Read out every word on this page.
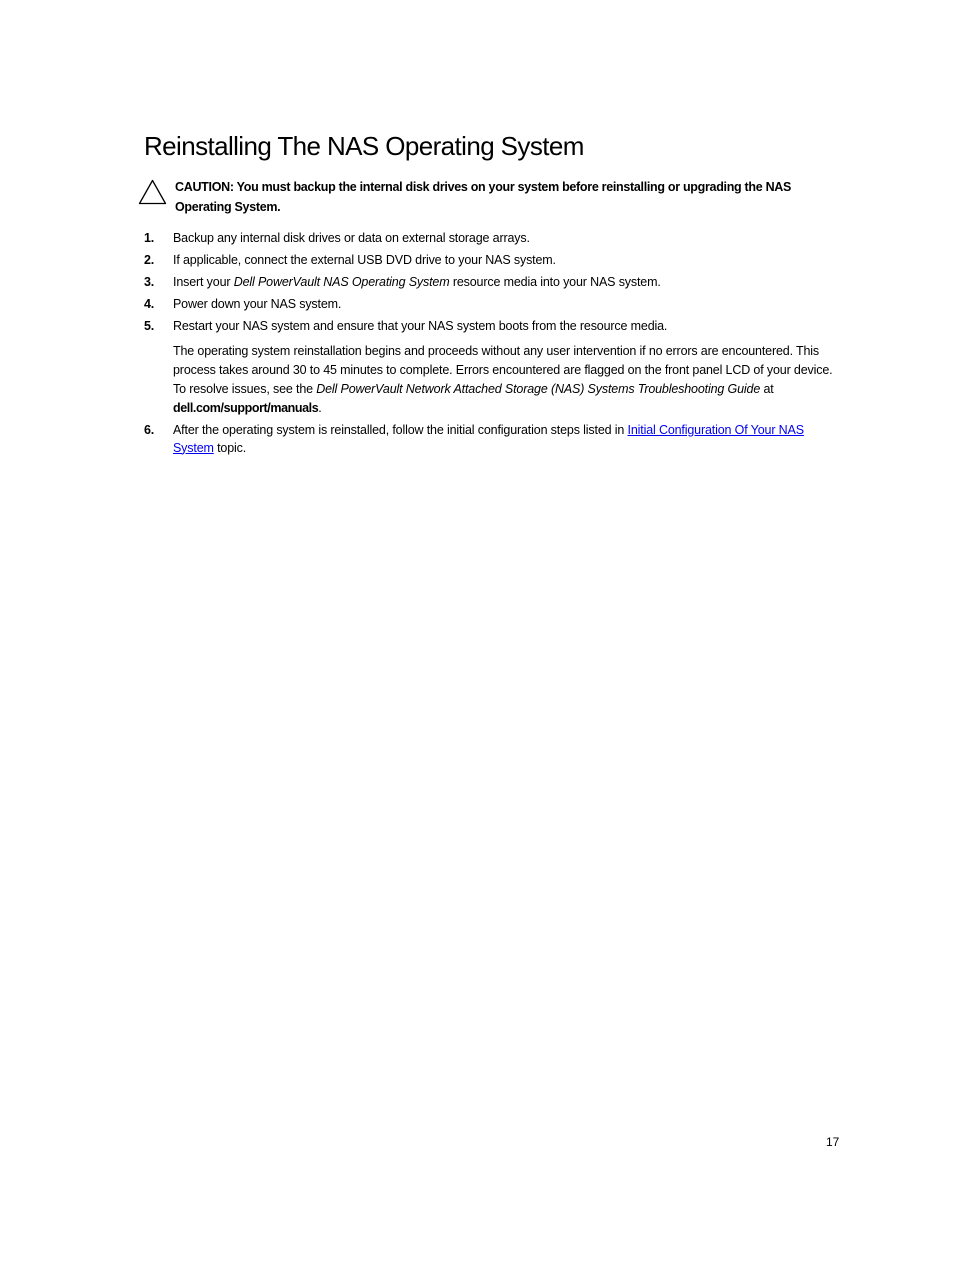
Reinstalling The NAS Operating System
CAUTION: You must backup the internal disk drives on your system before reinstalling or upgrading the NAS Operating System.
1. Backup any internal disk drives or data on external storage arrays.
2. If applicable, connect the external USB DVD drive to your NAS system.
3. Insert your Dell PowerVault NAS Operating System resource media into your NAS system.
4. Power down your NAS system.
5. Restart your NAS system and ensure that your NAS system boots from the resource media.
The operating system reinstallation begins and proceeds without any user intervention if no errors are encountered. This process takes around 30 to 45 minutes to complete. Errors encountered are flagged on the front panel LCD of your device. To resolve issues, see the Dell PowerVault Network Attached Storage (NAS) Systems Troubleshooting Guide at dell.com/support/manuals.
6. After the operating system is reinstalled, follow the initial configuration steps listed in Initial Configuration Of Your NAS System topic.
17
